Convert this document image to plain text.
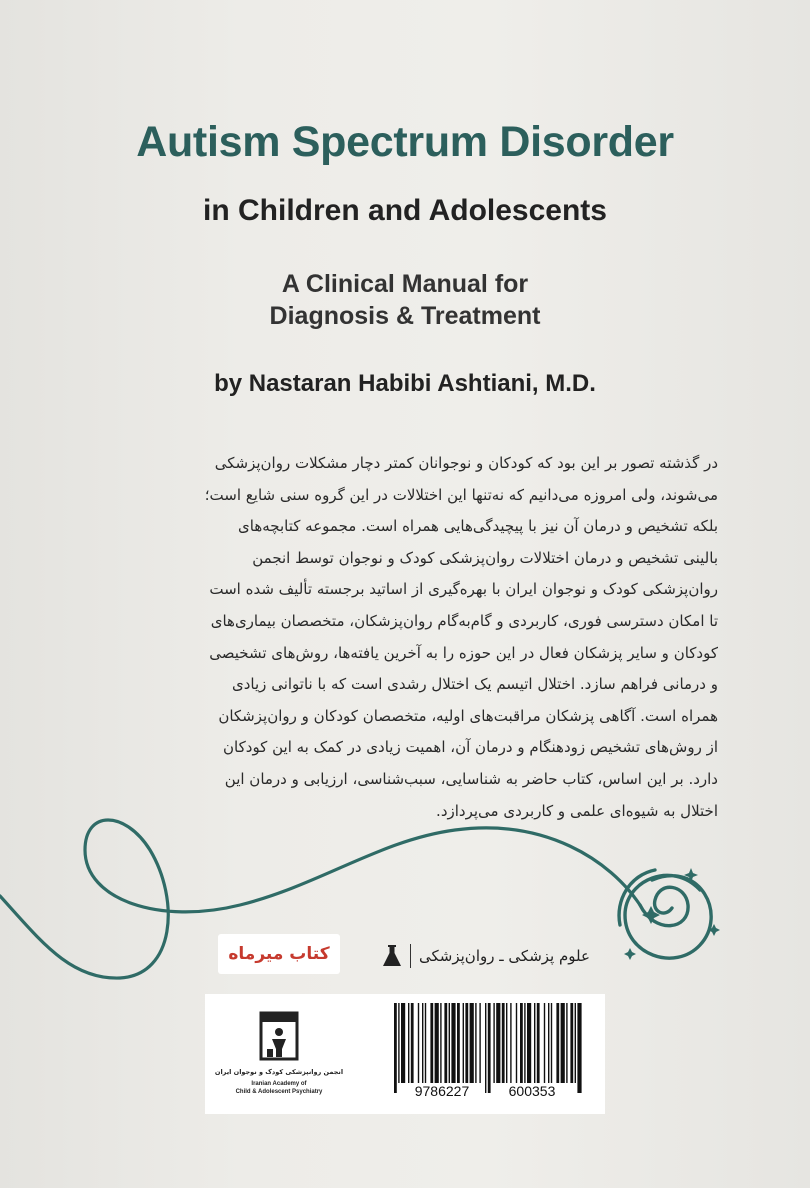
Autism Spectrum Disorder
in Children and Adolescents
A Clinical Manual for
Diagnosis & Treatment
by Nastaran Habibi Ashtiani, M.D.
در گذشته تصور بر این بود که کودکان و نوجوانان کمتر دچار مشکلات روان‌پزشکی
می‌شوند، ولی امروزه می‌دانیم که نه‌تنها این اختلالات در این گروه سنی شایع است؛
بلکه تشخیص و درمان آن نیز با پیچیدگی‌هایی همراه است. مجموعه کتابچه‌های
بالینی تشخیص و درمان اختلالات روان‌پزشکی کودک و نوجوان توسط انجمن
روان‌پزشکی کودک و نوجوان ایران با بهره‌گیری از اساتید برجسته تألیف شده است
تا امکان دسترسی فوری، کاربردی و گام‌به‌گام روان‌پزشکان، متخصصان بیماری‌های
کودکان و سایر پزشکان فعال در این حوزه را به آخرین یافته‌ها، روش‌های تشخیصی
و درمانی فراهم سازد. اختلال اتیسم یک اختلال رشدی است که با ناتوانی زیادی
همراه است. آگاهی پزشکان مراقبت‌های اولیه، متخصصان کودکان و روان‌پزشکان
از روش‌های تشخیص زودهنگام و درمان آن، اهمیت زیادی در کمک به این کودکان
دارد. بر این اساس، کتاب حاضر به شناسایی، سبب‌شناسی، ارزیابی و درمان این
اختلال به شیوه‌ای علمی و کاربردی می‌پردازد.
علوم پزشکی ـ روان‌پزشکی
کتاب میرماه
انجمن روانپزشکی کودک و نوجوان ایران
Iranian Academy of
Child & Adolescent Psychiatry	9786227	600353
